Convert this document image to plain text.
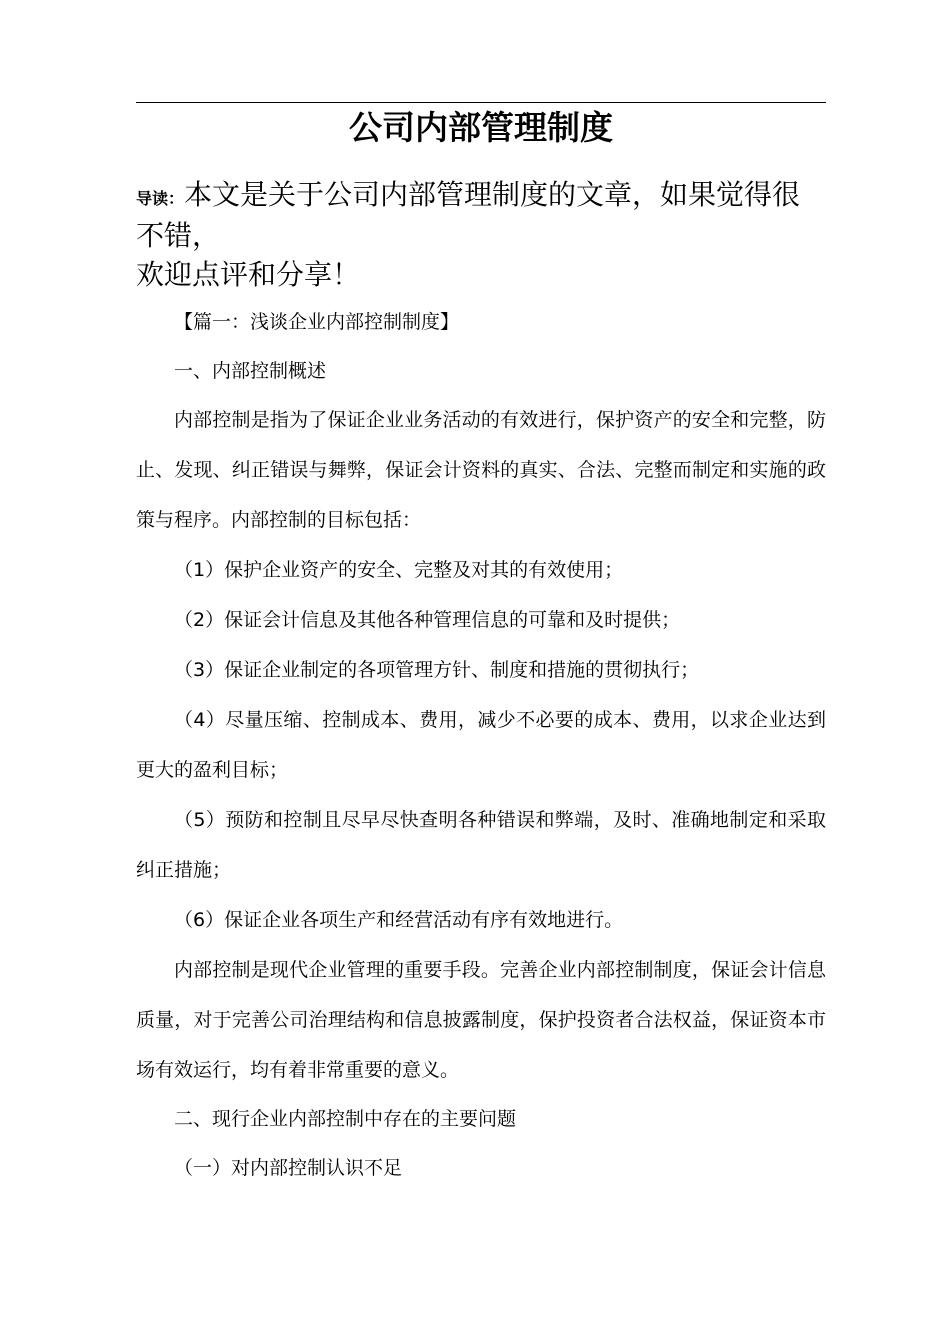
公司内部管理制度
导读：本文是关于公司内部管理制度的文章，如果觉得很不错，
欢迎点评和分享！

【篇一：浅谈企业内部控制制度】

一、内部控制概述

内部控制是指为了保证企业业务活动的有效进行，保护资产的安全和完整，防止、发现、纠正错误与舞弊，保证会计资料的真实、合法、完整而制定和实施的政策与程序。内部控制的目标包括：

（1）保护企业资产的安全、完整及对其的有效使用；

（2）保证会计信息及其他各种管理信息的可靠和及时提供；

（3）保证企业制定的各项管理方针、制度和措施的贯彻执行；

（4）尽量压缩、控制成本、费用，减少不必要的成本、费用，以求企业达到更大的盈利目标；

（5）预防和控制且尽早尽快查明各种错误和弊端，及时、准确地制定和采取纠正措施；

（6）保证企业各项生产和经营活动有序有效地进行。

内部控制是现代企业管理的重要手段。完善企业内部控制制度，保证会计信息质量，对于完善公司治理结构和信息披露制度，保护投资者合法权益，保证资本市场有效运行，均有着非常重要的意义。

二、现行企业内部控制中存在的主要问题

（一）对内部控制认识不足
